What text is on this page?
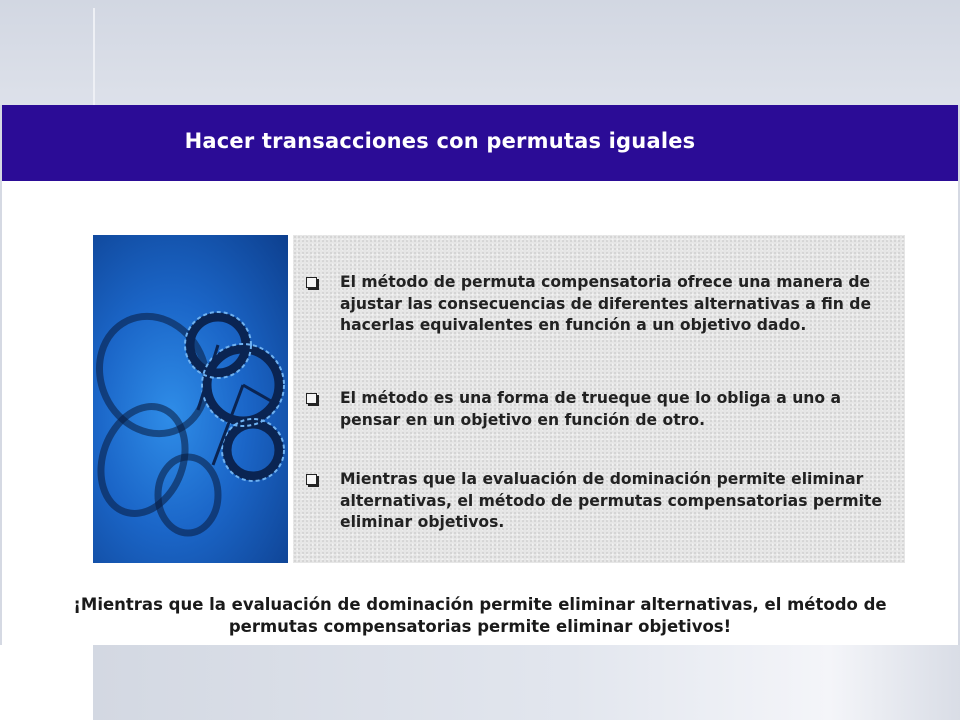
Hacer transacciones con permutas iguales
El método de permuta compensatoria ofrece una manera de ajustar las consecuencias de diferentes alternativas a fin de hacerlas equivalentes en función a un objetivo dado.
El método es una forma de trueque que lo obliga a uno a pensar en un objetivo en función de otro.
Mientras que la evaluación de dominación permite eliminar alternativas, el método de permutas compensatorias permite eliminar objetivos.
¡Mientras que la evaluación de dominación permite eliminar alternativas, el método de permutas compensatorias permite eliminar objetivos!
